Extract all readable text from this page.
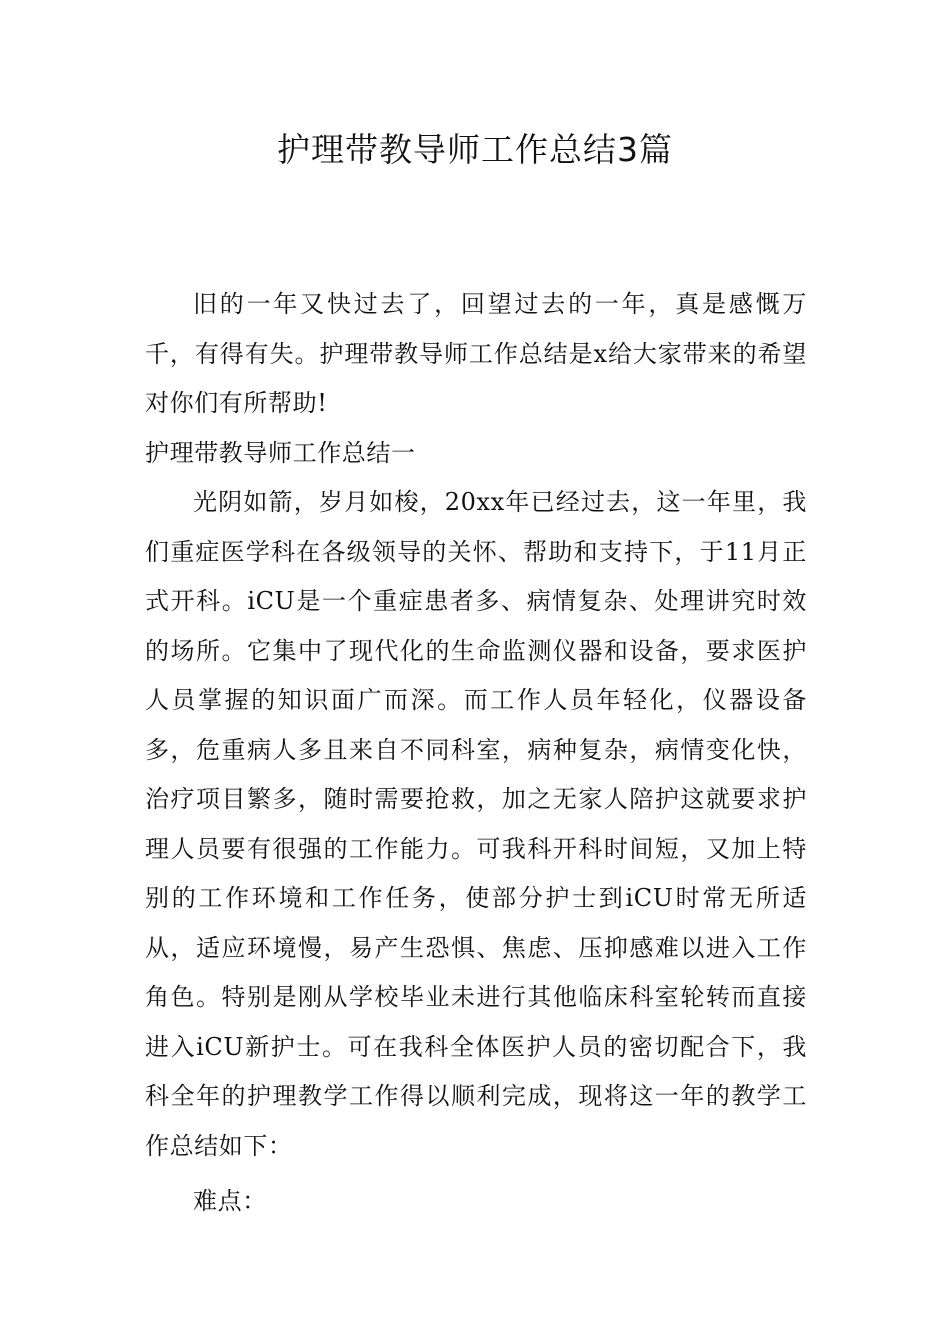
护理带教导师工作总结3篇

旧的一年又快过去了，回望过去的一年，真是感慨万千，有得有失。护理带教导师工作总结是x给大家带来的希望对你们有所帮助!

护理带教导师工作总结一

光阴如箭，岁月如梭，20xx年已经过去，这一年里，我们重症医学科在各级领导的关怀、帮助和支持下，于11月正式开科。iCU是一个重症患者多、病情复杂、处理讲究时效的场所。它集中了现代化的生命监测仪器和设备，要求医护人员掌握的知识面广而深。而工作人员年轻化，仪器设备多，危重病人多且来自不同科室，病种复杂，病情变化快，治疗项目繁多，随时需要抢救，加之无家人陪护这就要求护理人员要有很强的工作能力。可我科开科时间短，又加上特别的工作环境和工作任务，使部分护士到iCU时常无所适从，适应环境慢，易产生恐惧、焦虑、压抑感难以进入工作角色。特别是刚从学校毕业未进行其他临床科室轮转而直接进入iCU新护士。可在我科全体医护人员的密切配合下，我科全年的护理教学工作得以顺利完成，现将这一年的教学工作总结如下：

难点：
